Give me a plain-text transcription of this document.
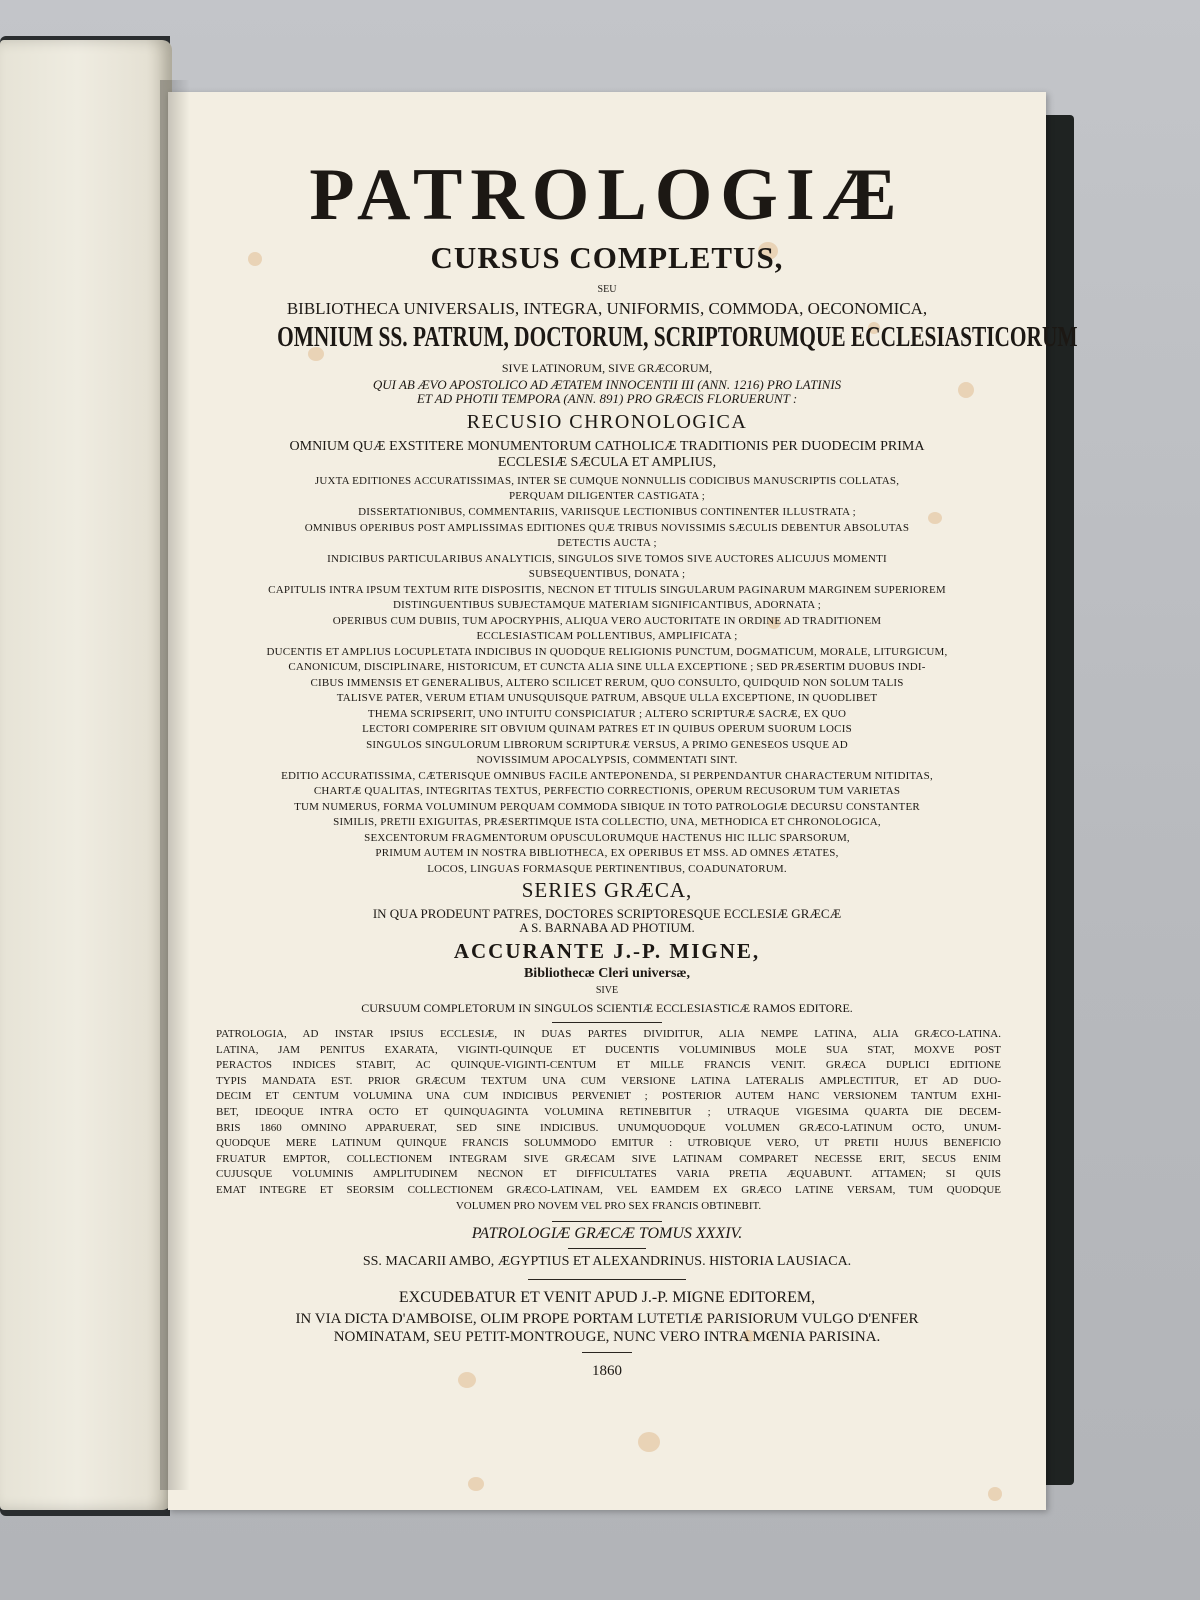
PATROLOGIÆ
CURSUS COMPLETUS,
SEU
BIBLIOTHECA UNIVERSALIS, INTEGRA, UNIFORMIS, COMMODA, OECONOMICA,
OMNIUM SS. PATRUM, DOCTORUM, SCRIPTORUMQUE ECCLESIASTICORUM
SIVE LATINORUM, SIVE GRÆCORUM,
QUI AB ÆVO APOSTOLICO AD ÆTATEM INNOCENTII III (ANN. 1216) PRO LATINIS
ET AD PHOTII TEMPORA (ANN. 891) PRO GRÆCIS FLORUERUNT :
RECUSIO CHRONOLOGICA
OMNIUM QUÆ EXSTITERE MONUMENTORUM CATHOLICÆ TRADITIONIS PER DUODECIM PRIMA
ECCLESIÆ SÆCULA ET AMPLIUS,
JUXTA EDITIONES ACCURATISSIMAS, INTER SE CUMQUE NONNULLIS CODICIBUS MANUSCRIPTIS COLLATAS,
PERQUAM DILIGENTER CASTIGATA ;
DISSERTATIONIBUS, COMMENTARIIS, VARIISQUE LECTIONIBUS CONTINENTER ILLUSTRATA ;
OMNIBUS OPERIBUS POST AMPLISSIMAS EDITIONES QUÆ TRIBUS NOVISSIMIS SÆCULIS DEBENTUR ABSOLUTAS
DETECTIS AUCTA ;
INDICIBUS PARTICULARIBUS ANALYTICIS, SINGULOS SIVE TOMOS SIVE AUCTORES ALICUJUS MOMENTI
SUBSEQUENTIBUS, DONATA ;
CAPITULIS INTRA IPSUM TEXTUM RITE DISPOSITIS, NECNON ET TITULIS SINGULARUM PAGINARUM MARGINEM SUPERIOREM
DISTINGUENTIBUS SUBJECTAMQUE MATERIAM SIGNIFICANTIBUS, ADORNATA ;
OPERIBUS CUM DUBIIS, TUM APOCRYPHIS, ALIQUA VERO AUCTORITATE IN ORDINE AD TRADITIONEM
ECCLESIASTICAM POLLENTIBUS, AMPLIFICATA ;
DUCENTIS ET AMPLIUS LOCUPLETATA INDICIBUS IN QUODQUE RELIGIONIS PUNCTUM, DOGMATICUM, MORALE, LITURGICUM,
CANONICUM, DISCIPLINARE, HISTORICUM, ET CUNCTA ALIA SINE ULLA EXCEPTIONE ; SED PRÆSERTIM DUOBUS INDI-
CIBUS IMMENSIS ET GENERALIBUS, ALTERO SCILICET RERUM, QUO CONSULTO, QUIDQUID NON SOLUM TALIS
TALISVE PATER, VERUM ETIAM UNUSQUISQUE PATRUM, ABSQUE ULLA EXCEPTIONE, IN QUODLIBET
THEMA SCRIPSERIT, UNO INTUITU CONSPICIATUR ; ALTERO SCRIPTURÆ SACRÆ, EX QUO
LECTORI COMPERIRE SIT OBVIUM QUINAM PATRES ET IN QUIBUS OPERUM SUORUM LOCIS
SINGULOS SINGULORUM LIBRORUM SCRIPTURÆ VERSUS, A PRIMO GENESEOS USQUE AD
NOVISSIMUM APOCALYPSIS, COMMENTATI SINT.
EDITIO ACCURATISSIMA, CÆTERISQUE OMNIBUS FACILE ANTEPONENDA, SI PERPENDANTUR CHARACTERUM NITIDITAS,
CHARTÆ QUALITAS, INTEGRITAS TEXTUS, PERFECTIO CORRECTIONIS, OPERUM RECUSORUM TUM VARIETAS
TUM NUMERUS, FORMA VOLUMINUM PERQUAM COMMODA SIBIQUE IN TOTO PATROLOGIÆ DECURSU CONSTANTER
SIMILIS, PRETII EXIGUITAS, PRÆSERTIMQUE ISTA COLLECTIO, UNA, METHODICA ET CHRONOLOGICA,
SEXCENTORUM FRAGMENTORUM OPUSCULORUMQUE HACTENUS HIC ILLIC SPARSORUM,
PRIMUM AUTEM IN NOSTRA BIBLIOTHECA, EX OPERIBUS ET MSS. AD OMNES ÆTATES,
LOCOS, LINGUAS FORMASQUE PERTINENTIBUS, COADUNATORUM.
SERIES GRÆCA,
IN QUA PRODEUNT PATRES, DOCTORES SCRIPTORESQUE ECCLESIÆ GRÆCÆ
A S. BARNABA AD PHOTIUM.
ACCURANTE J.-P. MIGNE,
Bibliothecæ Cleri universæ,
SIVE
CURSUUM COMPLETORUM IN SINGULOS SCIENTIÆ ECCLESIASTICÆ RAMOS EDITORE.
PATROLOGIA, AD INSTAR IPSIUS ECCLESIÆ, IN DUAS PARTES DIVIDITUR, ALIA NEMPE LATINA, ALIA GRÆCO-LATINA.
LATINA, JAM PENITUS EXARATA, VIGINTI-QUINQUE ET DUCENTIS VOLUMINIBUS MOLE SUA STAT, MOXVE POST
PERACTOS INDICES STABIT, AC QUINQUE-VIGINTI-CENTUM ET MILLE FRANCIS VENIT. GRÆCA DUPLICI EDITIONE
TYPIS MANDATA EST. PRIOR GRÆCUM TEXTUM UNA CUM VERSIONE LATINA LATERALIS AMPLECTITUR, ET AD DUO-
DECIM ET CENTUM VOLUMINA UNA CUM INDICIBUS PERVENIET ; POSTERIOR AUTEM HANC VERSIONEM TANTUM EXHI-
BET, IDEOQUE INTRA OCTO ET QUINQUAGINTA VOLUMINA RETINEBITUR ; UTRAQUE VIGESIMA QUARTA DIE DECEM-
BRIS 1860 OMNINO APPARUERAT, SED SINE INDICIBUS. UNUMQUODQUE VOLUMEN GRÆCO-LATINUM OCTO, UNUM-
QUODQUE MERE LATINUM QUINQUE FRANCIS SOLUMMODO EMITUR : UTROBIQUE VERO, UT PRETII HUJUS BENEFICIO
FRUATUR EMPTOR, COLLECTIONEM INTEGRAM SIVE GRÆCAM SIVE LATINAM COMPARET NECESSE ERIT, SECUS ENIM
CUJUSQUE VOLUMINIS AMPLITUDINEM NECNON ET DIFFICULTATES VARIA PRETIA ÆQUABUNT. ATTAMEN; SI QUIS
EMAT INTEGRE ET SEORSIM COLLECTIONEM GRÆCO-LATINAM, VEL EAMDEM EX GRÆCO LATINE VERSAM, TUM QUODQUE
VOLUMEN PRO NOVEM VEL PRO SEX FRANCIS OBTINEBIT.
PATROLOGIÆ GRÆCÆ TOMUS XXXIV.
SS. MACARII AMBO, ÆGYPTIUS ET ALEXANDRINUS. HISTORIA LAUSIACA.
EXCUDEBATUR ET VENIT APUD J.-P. MIGNE EDITOREM,
IN VIA DICTA D'AMBOISE, OLIM PROPE PORTAM LUTETIÆ PARISIORUM VULGO D'ENFER
NOMINATAM, SEU PETIT-MONTROUGE, NUNC VERO INTRA MŒNIA PARISINA.
1860
